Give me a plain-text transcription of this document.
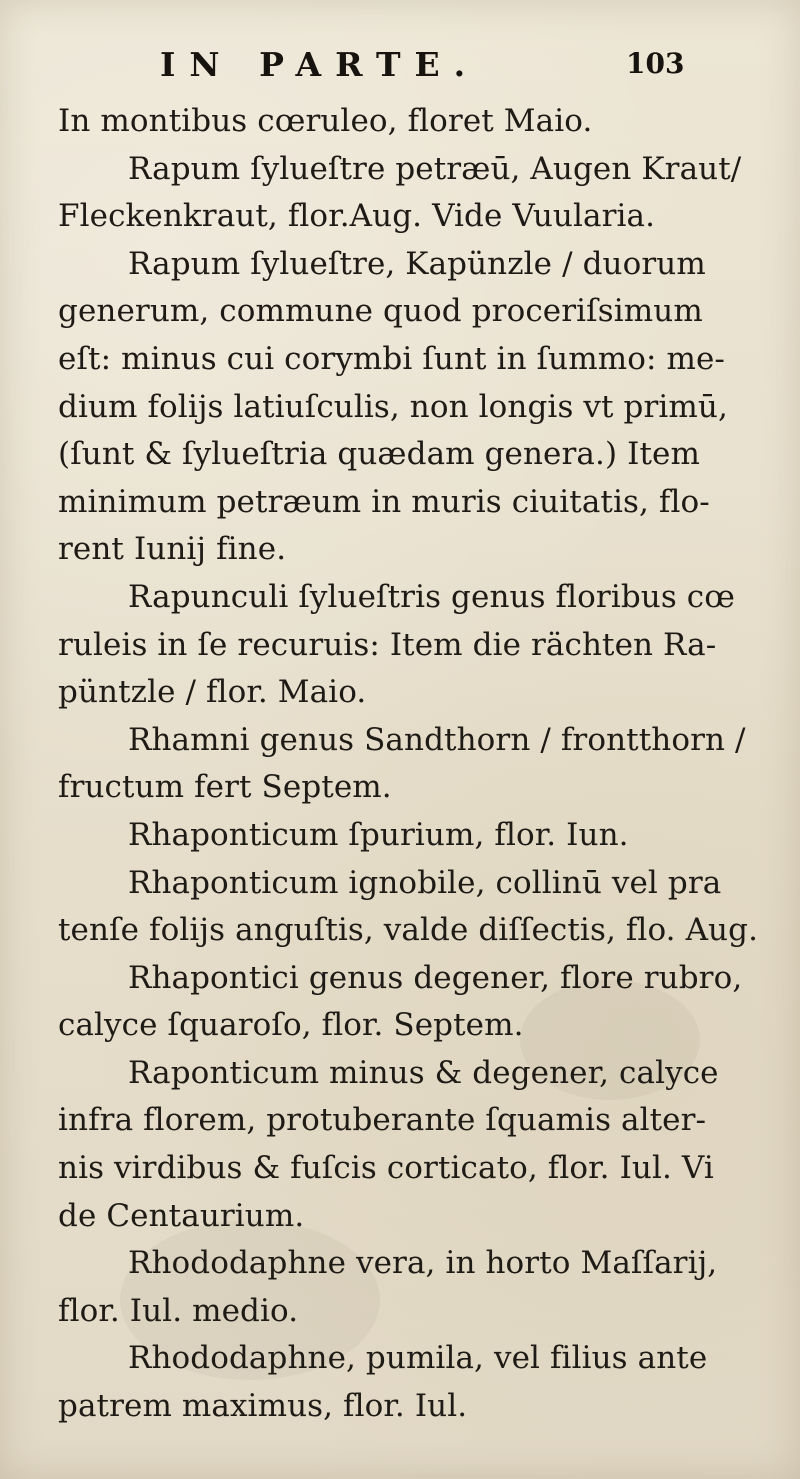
IN PARTE.	103
In montibus cœruleo, floret Maio.
Rapum ſylueſtre petræū, Augen Kraut/
Fleckenkraut, flor.Aug. Vide Vuularia.
Rapum ſylueſtre, Kapünzle / duorum
generum, commune quod proceriſsimum
eſt: minus cui corymbi ſunt in ſummo: me-
dium folijs latiuſculis, non longis vt primū,
(ſunt & ſylueſtria quædam genera.) Item
minimum petræum in muris ciuitatis, flo-
rent Iunij fine.
Rapunculi ſylueſtris genus floribus cœ
ruleis in ſe recuruis: Item die rächten Ra-
püntzle / flor. Maio.
Rhamni genus Sandthorn / frontthorn /
fructum fert Septem.
Rhaponticum ſpurium, flor. Iun.
Rhaponticum ignobile, collinū vel pra
tenſe folijs anguſtis, valde diſſectis, flo. Aug.
Rhapontici genus degener, flore rubro,
calyce ſquaroſo, flor. Septem.
Raponticum minus & degener, calyce
infra florem, protuberante ſquamis alter-
nis virdibus & fuſcis corticato, flor. Iul. Vi
de Centaurium.
Rhododaphne vera, in horto Maſſarij,
flor. Iul. medio.
Rhododaphne, pumila, vel filius ante
patrem maximus, flor. Iul.
